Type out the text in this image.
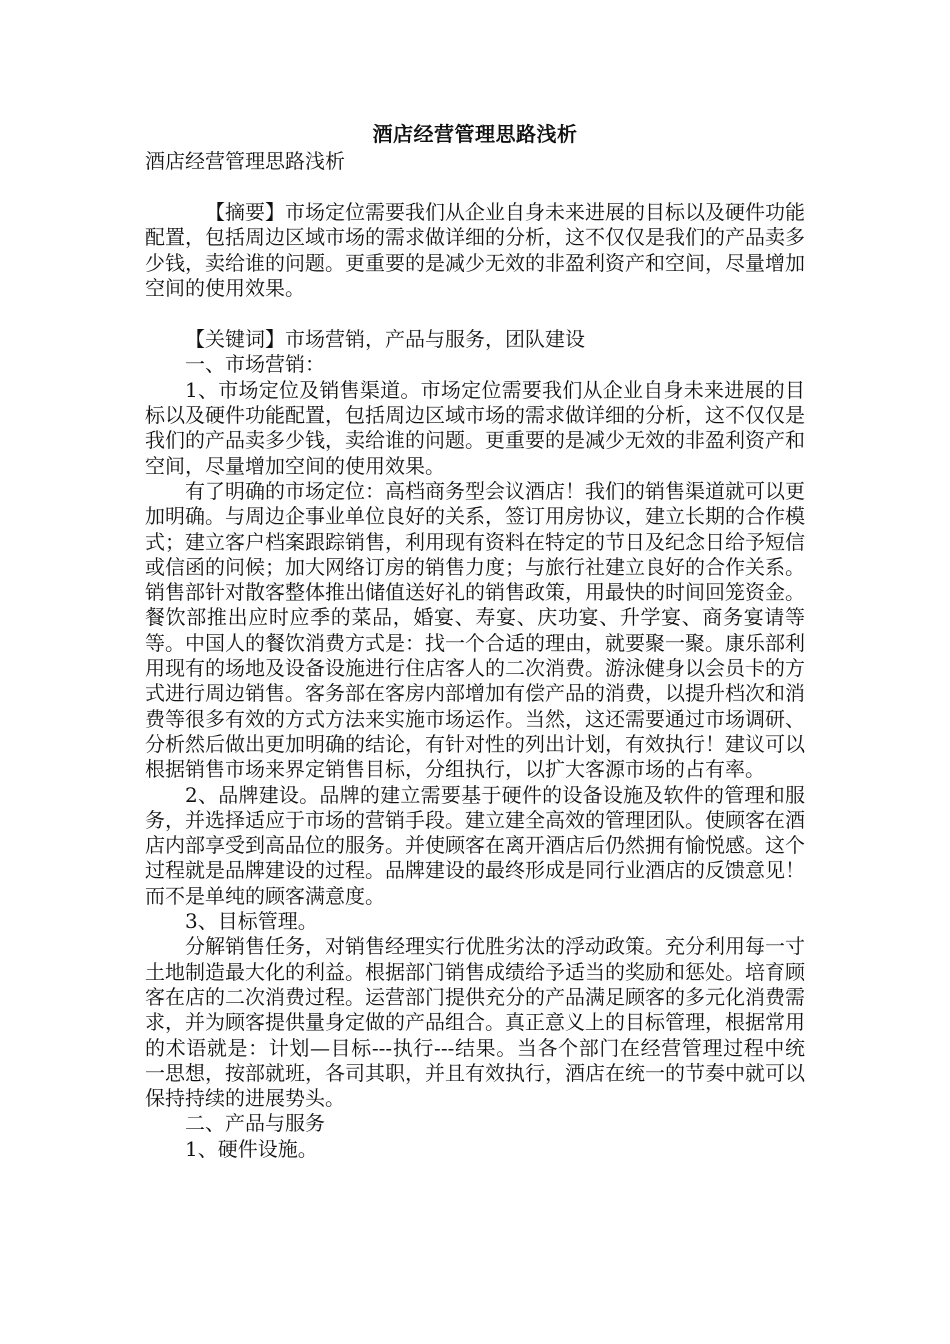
酒店经营管理思路浅析

酒店经营管理思路浅析

【摘要】市场定位需要我们从企业自身未来进展的目标以及硬件功能配置，包括周边区域市场的需求做详细的分析，这不仅仅是我们的产品卖多少钱，卖给谁的问题。更重要的是减少无效的非盈利资产和空间，尽量增加空间的使用效果。

【关键词】市场营销，产品与服务，团队建设

一、市场营销：

1、市场定位及销售渠道。市场定位需要我们从企业自身未来进展的目标以及硬件功能配置，包括周边区域市场的需求做详细的分析，这不仅仅是我们的产品卖多少钱，卖给谁的问题。更重要的是减少无效的非盈利资产和空间，尽量增加空间的使用效果。

有了明确的市场定位：高档商务型会议酒店！我们的销售渠道就可以更加明确。与周边企事业单位良好的关系，签订用房协议，建立长期的合作模式；建立客户档案跟踪销售，利用现有资料在特定的节日及纪念日给予短信或信函的问候；加大网络订房的销售力度；与旅行社建立良好的合作关系。销售部针对散客整体推出储值送好礼的销售政策，用最快的时间回笼资金。餐饮部推出应时应季的菜品，婚宴、寿宴、庆功宴、升学宴、商务宴请等等。中国人的餐饮消费方式是：找一个合适的理由，就要聚一聚。康乐部利用现有的场地及设备设施进行住店客人的二次消费。游泳健身以会员卡的方式进行周边销售。客务部在客房内部增加有偿产品的消费，以提升档次和消费等很多有效的方式方法来实施市场运作。当然，这还需要通过市场调研、分析然后做出更加明确的结论，有针对性的列出计划，有效执行！建议可以根据销售市场来界定销售目标，分组执行，以扩大客源市场的占有率。

2、品牌建设。品牌的建立需要基于硬件的设备设施及软件的管理和服务，并选择适应于市场的营销手段。建立建全高效的管理团队。使顾客在酒店内部享受到高品位的服务。并使顾客在离开酒店后仍然拥有愉悦感。这个过程就是品牌建设的过程。品牌建设的最终形成是同行业酒店的反馈意见！而不是单纯的顾客满意度。

3、目标管理。

分解销售任务，对销售经理实行优胜劣汰的浮动政策。充分利用每一寸土地制造最大化的利益。根据部门销售成绩给予适当的奖励和惩处。培育顾客在店的二次消费过程。运营部门提供充分的产品满足顾客的多元化消费需求，并为顾客提供量身定做的产品组合。真正意义上的目标管理，根据常用的术语就是：计划—目标---执行---结果。当各个部门在经营管理过程中统一思想，按部就班，各司其职，并且有效执行，酒店在统一的节奏中就可以保持持续的进展势头。

二、产品与服务

1、硬件设施。
